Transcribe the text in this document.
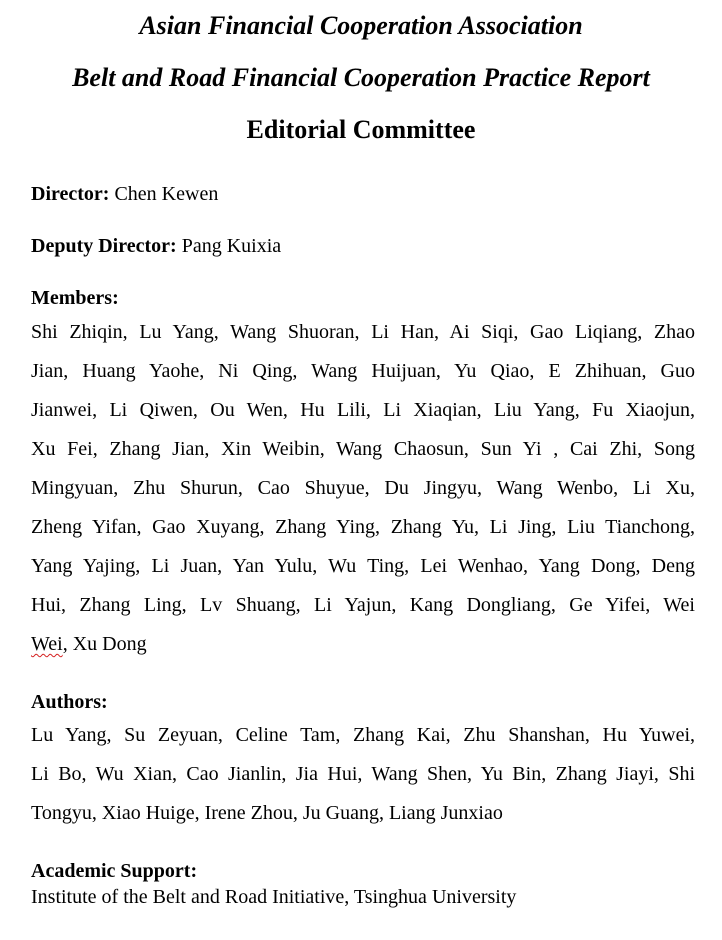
Asian Financial Cooperation Association
Belt and Road Financial Cooperation Practice Report
Editorial Committee
Director: Chen Kewen
Deputy Director: Pang Kuixia
Members:
Shi Zhiqin, Lu Yang, Wang Shuoran, Li Han, Ai Siqi, Gao Liqiang, Zhao
Jian, Huang Yaohe, Ni Qing, Wang Huijuan, Yu Qiao, E Zhihuan, Guo
Jianwei, Li Qiwen, Ou Wen, Hu Lili, Li Xiaqian, Liu Yang, Fu Xiaojun,
Xu Fei, Zhang Jian, Xin Weibin, Wang Chaosun, Sun Yi , Cai Zhi, Song
Mingyuan, Zhu Shurun, Cao Shuyue, Du Jingyu, Wang Wenbo, Li Xu,
Zheng Yifan, Gao Xuyang, Zhang Ying, Zhang Yu, Li Jing, Liu Tianchong,
Yang Yajing, Li Juan, Yan Yulu, Wu Ting, Lei Wenhao, Yang Dong, Deng
Hui, Zhang Ling, Lv Shuang, Li Yajun, Kang Dongliang, Ge Yifei, Wei
Wei, Xu Dong
Authors:
Lu Yang, Su Zeyuan, Celine Tam, Zhang Kai, Zhu Shanshan, Hu Yuwei,
Li Bo, Wu Xian, Cao Jianlin, Jia Hui, Wang Shen, Yu Bin, Zhang Jiayi, Shi
Tongyu, Xiao Huige, Irene Zhou, Ju Guang, Liang Junxiao
Academic Support:
Institute of the Belt and Road Initiative, Tsinghua University
